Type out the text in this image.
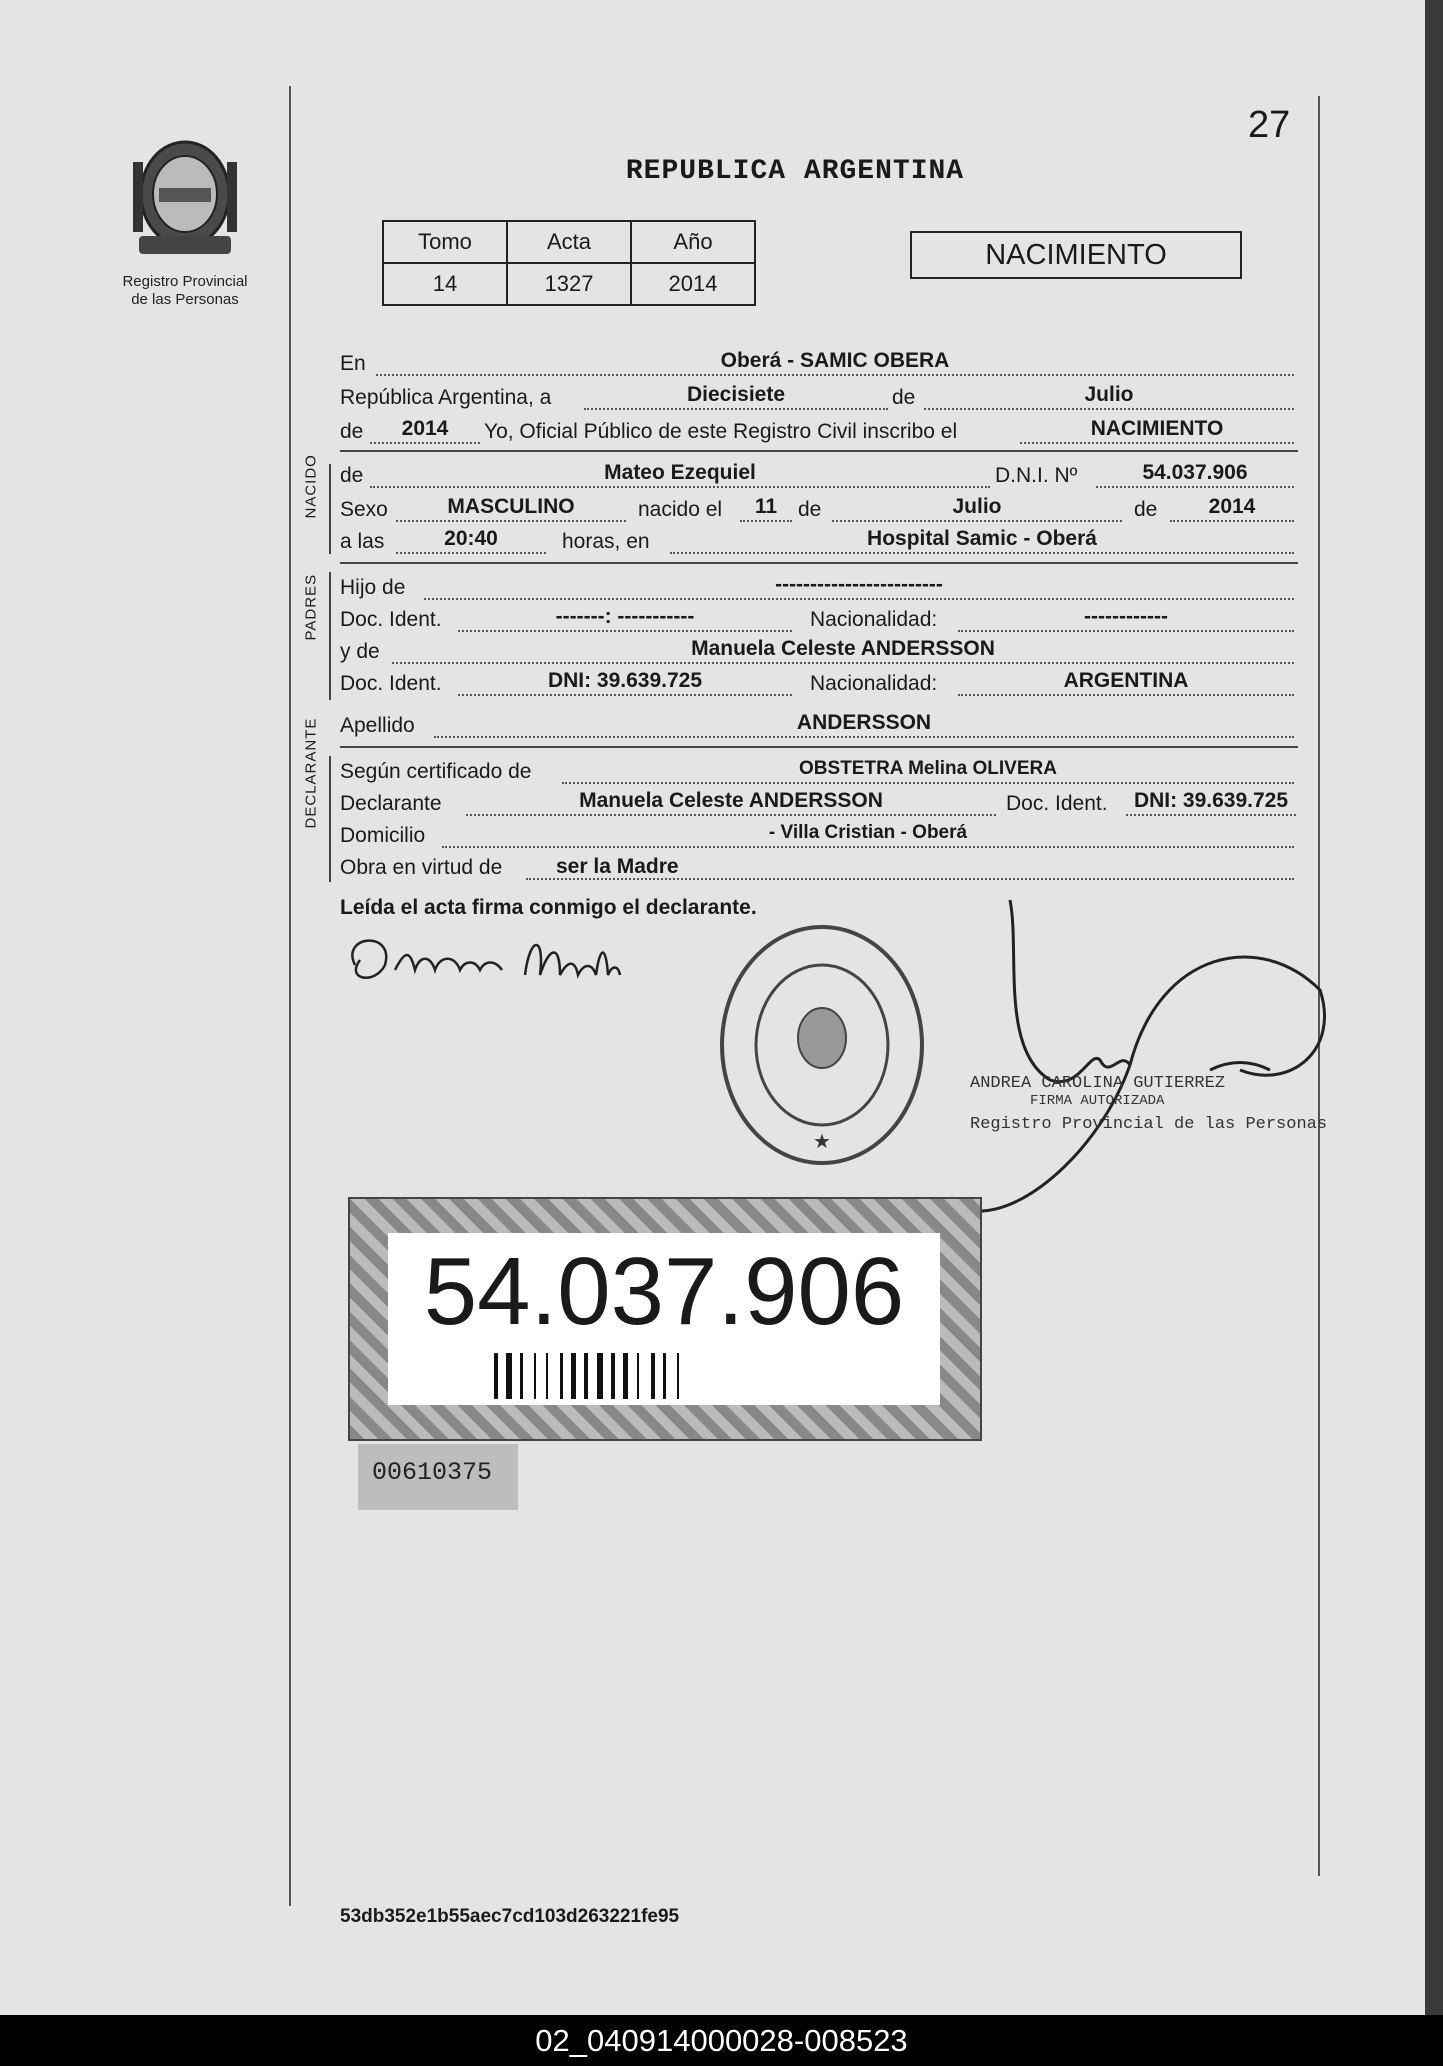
Registro Provincial
de las Personas
27
REPUBLICA ARGENTINA
Tomo	Acta	Año
14	1327	2014
NACIMIENTO
En	Oberá - SAMIC OBERA
República Argentina, a	Diecisiete	de	Julio
de	2014	Yo, Oficial Público de este Registro Civil inscribo el	NACIMIENTO
NACIDO de	Mateo Ezequiel	D.N.I. Nº	54.037.906
Sexo	MASCULINO	nacido el	11 de	Julio	de	2014
a las	20:40	horas, en	Hospital Samic - Oberá
PADRES Hijo de	------------------------
Doc. Ident.	-------: -----------	Nacionalidad:	------------
y de	Manuela Celeste ANDERSSON
Doc. Ident.	DNI: 39.639.725	Nacionalidad:	ARGENTINA
Apellido	ANDERSSON
DECLARANTE Según certificado de	OBSTETRA Melina OLIVERA
Declarante	Manuela Celeste ANDERSSON	Doc. Ident.	DNI: 39.639.725
Domicilio	- Villa Cristian - Oberá
Obra en virtud de	ser la Madre
Leída el acta firma conmigo el declarante.
★
ANDREA CAROLINA GUTIERREZ
FIRMA AUTORIZADA
Registro Provincial de las Personas
54.037.906
00610375
53db352e1b55aec7cd103d263221fe95
02_040914000028-008523
